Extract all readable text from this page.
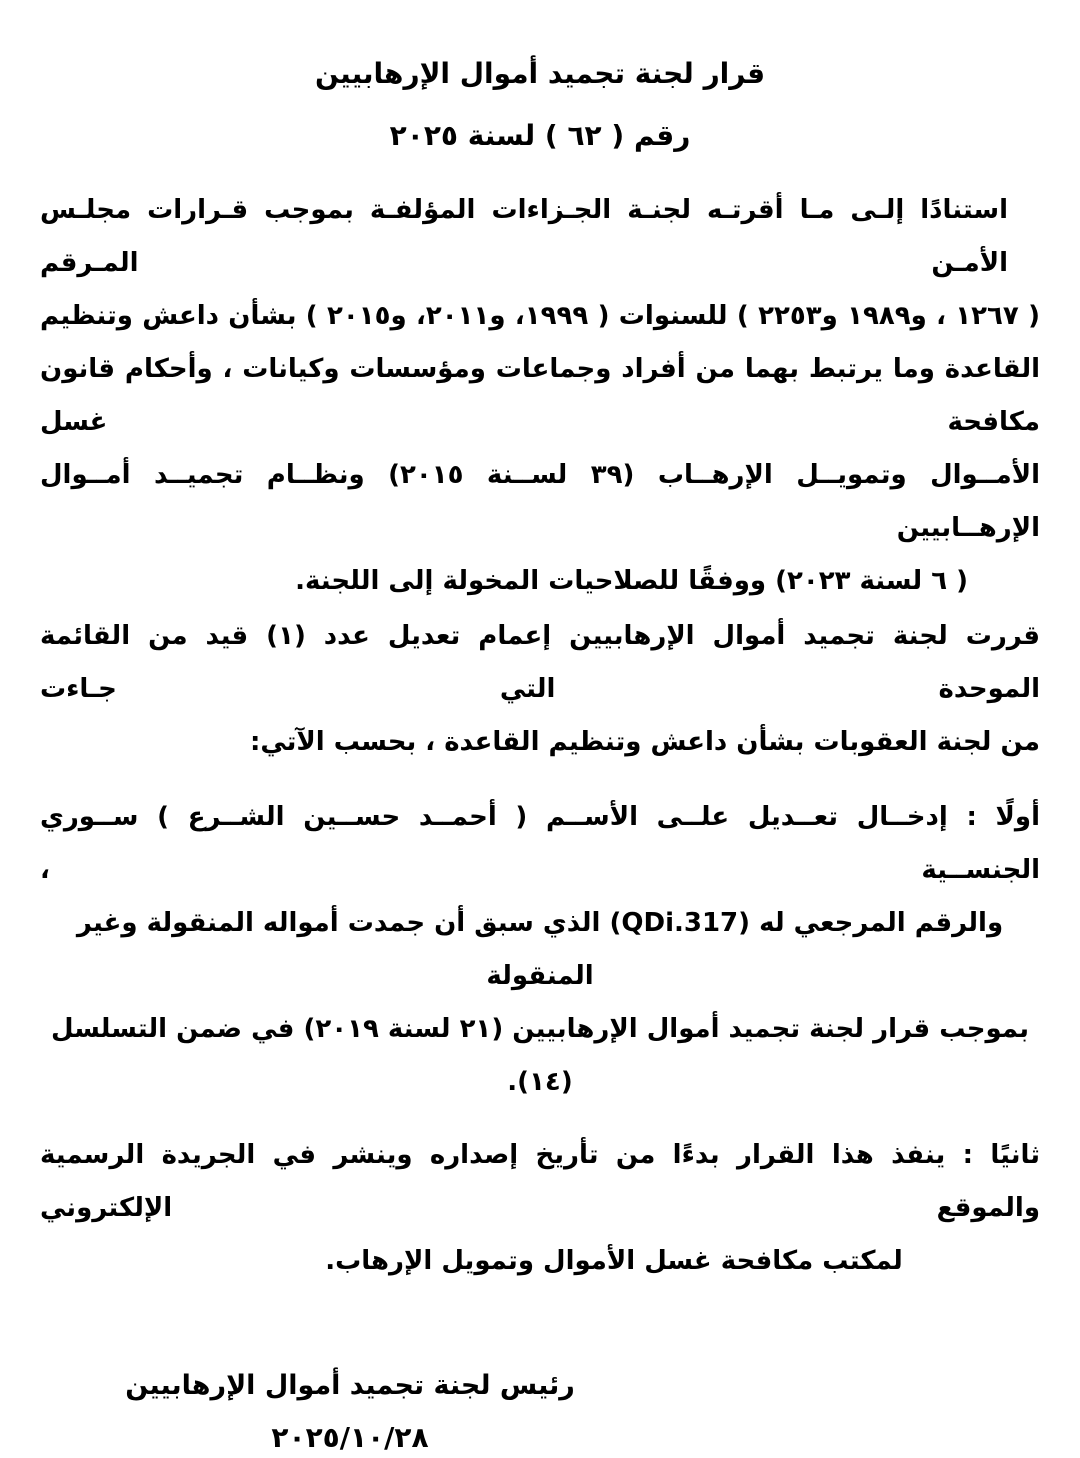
قرار لجنة تجميد أموال الإرهابيين
رقم ( ٦٢ ) لسنة ٢٠٢٥
استنادًا إلـى مـا أقرتـه لجنـة الجـزاءات المؤلفـة بموجب قـرارات مجلـس الأمـن المـرقم
( ١٢٦٧ ، و١٩٨٩ و٢٢٥٣ ) للسنوات ( ١٩٩٩، و٢٠١١، و٢٠١٥ ) بشأن داعش وتنظيم
القاعدة وما يرتبط بهما من أفراد وجماعات ومؤسسات وكيانات ، وأحكام قانون مكافحة غسل
الأمــوال وتمويــل الإرهــاب (٣٩ لســنة ٢٠١٥) ونظــام تجميــد أمــوال الإرهــابيين
( ٦ لسنة ٢٠٢٣) ووفقًا للصلاحيات المخولة إلى اللجنة.
قررت لجنة تجميد أموال الإرهابيين إعمام تعديل عدد (١) قيد من القائمة الموحدة التي جـاءت
من لجنة العقوبات بشأن داعش وتنظيم القاعدة ، بحسب الآتي:
أولًا : إدخــال تعــديل علــى الأســم ( أحمــد حســين الشــرع ) ســوري الجنســية ،
والرقم المرجعي له (QDi.317) الذي سبق أن جمدت أمواله المنقولة وغير المنقولة
بموجب قرار لجنة تجميد أموال الإرهابيين (٢١ لسنة ٢٠١٩) في ضمن التسلسل (١٤).
ثانيًا : ينفذ هذا القرار بدءًا من تأريخ إصداره وينشر في الجريدة الرسمية والموقع الإلكتروني
لمكتب مكافحة غسل الأموال وتمويل الإرهاب.
رئيس لجنة تجميد أموال الإرهابيين
٢٠٢٥/١٠/٢٨
